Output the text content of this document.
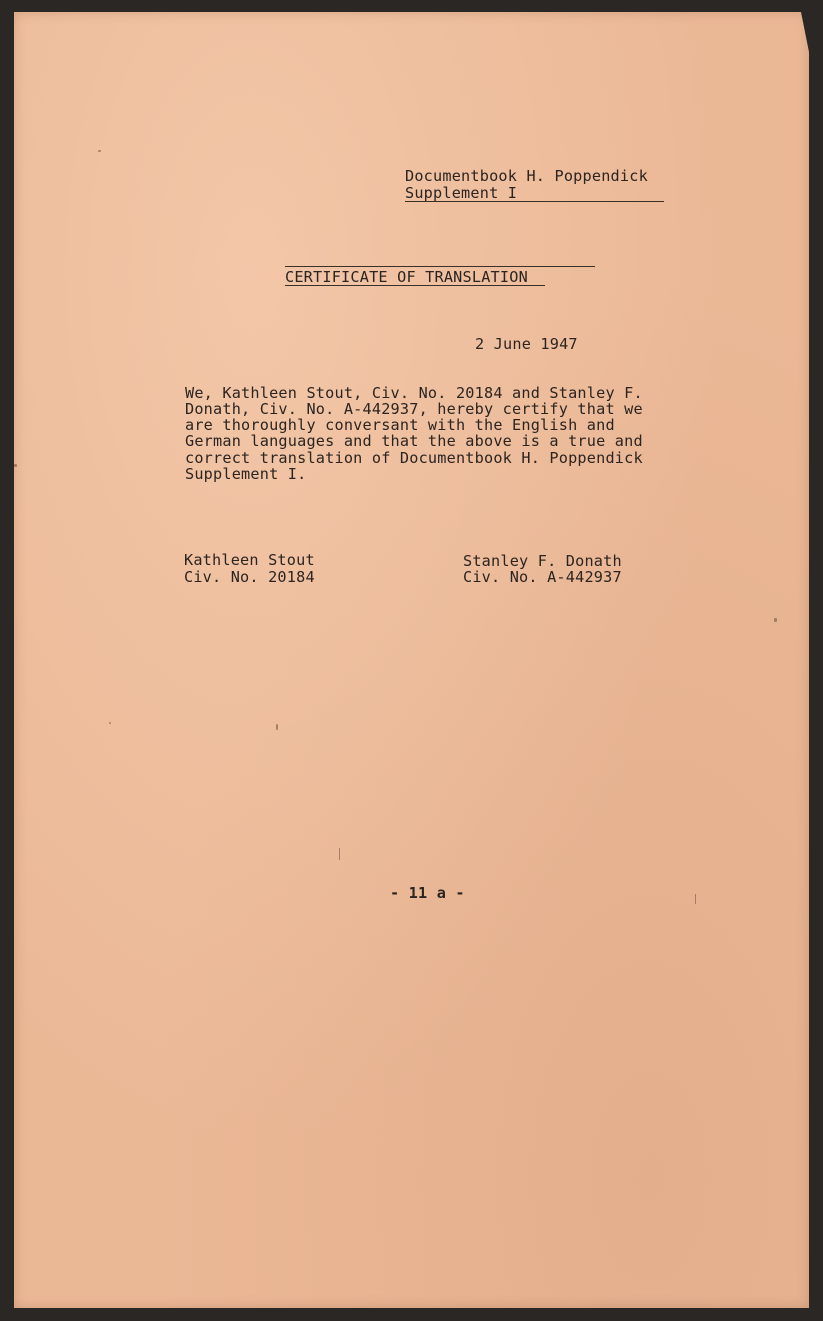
Documentbook H. Poppendick
Supplement I
CERTIFICATE OF TRANSLATION
2 June 1947
We, Kathleen Stout, Civ. No. 20184 and Stanley F.
Donath, Civ. No. A-442937, hereby certify that we
are thoroughly conversant with the English and
German languages and that the above is a true and
correct translation of Documentbook H. Poppendick
Supplement I.
Kathleen Stout
Civ. No. 20184
Stanley F. Donath
Civ. No. A-442937
- 11 a -
